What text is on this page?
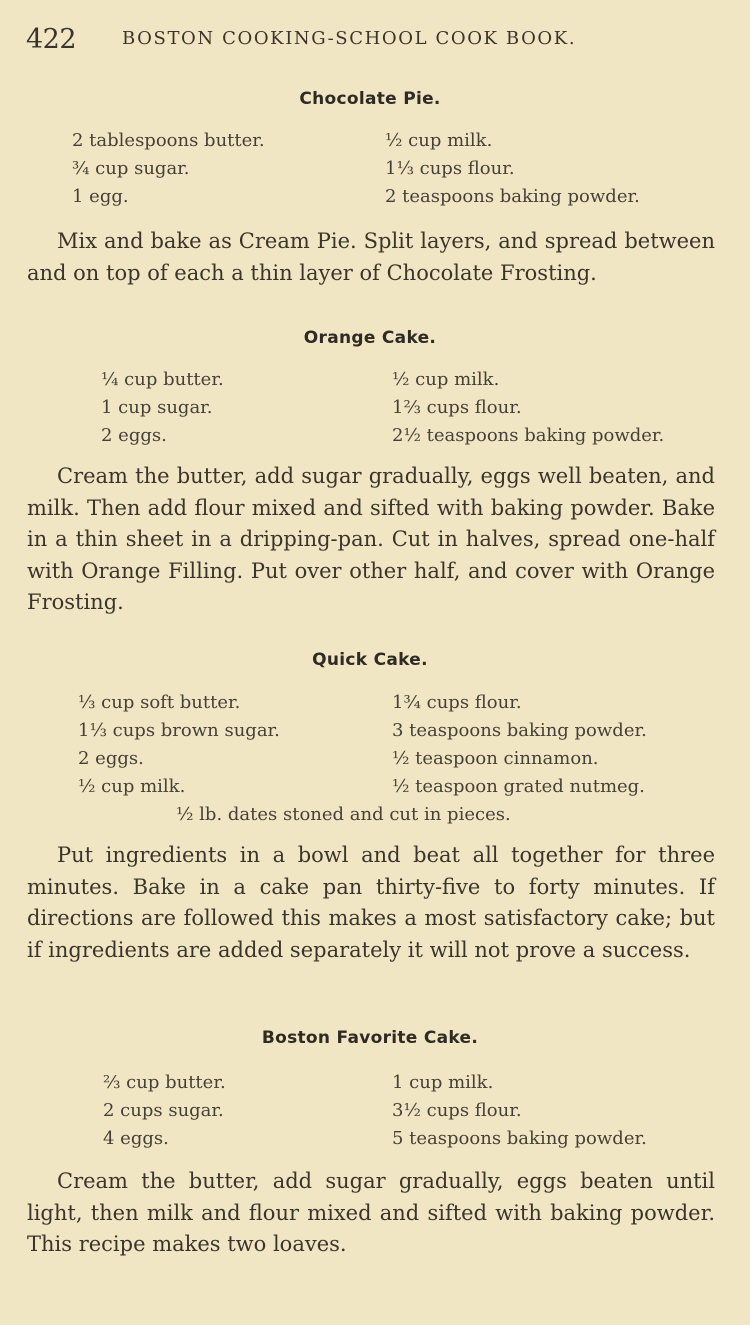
422	BOSTON COOKING-SCHOOL COOK BOOK.
Chocolate Pie.
2 tablespoons butter.
¾ cup sugar.
1 egg.
½ cup milk.
1⅓ cups flour.
2 teaspoons baking powder.
Mix and bake as Cream Pie. Split layers, and spread between and on top of each a thin layer of Chocolate Frosting.
Orange Cake.
¼ cup butter.
1 cup sugar.
2 eggs.
½ cup milk.
1⅔ cups flour.
2½ teaspoons baking powder.
Cream the butter, add sugar gradually, eggs well beaten, and milk. Then add flour mixed and sifted with baking powder. Bake in a thin sheet in a dripping-pan. Cut in halves, spread one-half with Orange Filling. Put over other half, and cover with Orange Frosting.
Quick Cake.
⅓ cup soft butter.
1⅓ cups brown sugar.
2 eggs.
½ cup milk.
1¾ cups flour.
3 teaspoons baking powder.
½ teaspoon cinnamon.
½ teaspoon grated nutmeg.
½ lb. dates stoned and cut in pieces.
Put ingredients in a bowl and beat all together for three minutes. Bake in a cake pan thirty-five to forty minutes. If directions are followed this makes a most satisfactory cake; but if ingredients are added separately it will not prove a success.
Boston Favorite Cake.
⅔ cup butter.
2 cups sugar.
4 eggs.
1 cup milk.
3½ cups flour.
5 teaspoons baking powder.
Cream the butter, add sugar gradually, eggs beaten until light, then milk and flour mixed and sifted with baking powder. This recipe makes two loaves.
